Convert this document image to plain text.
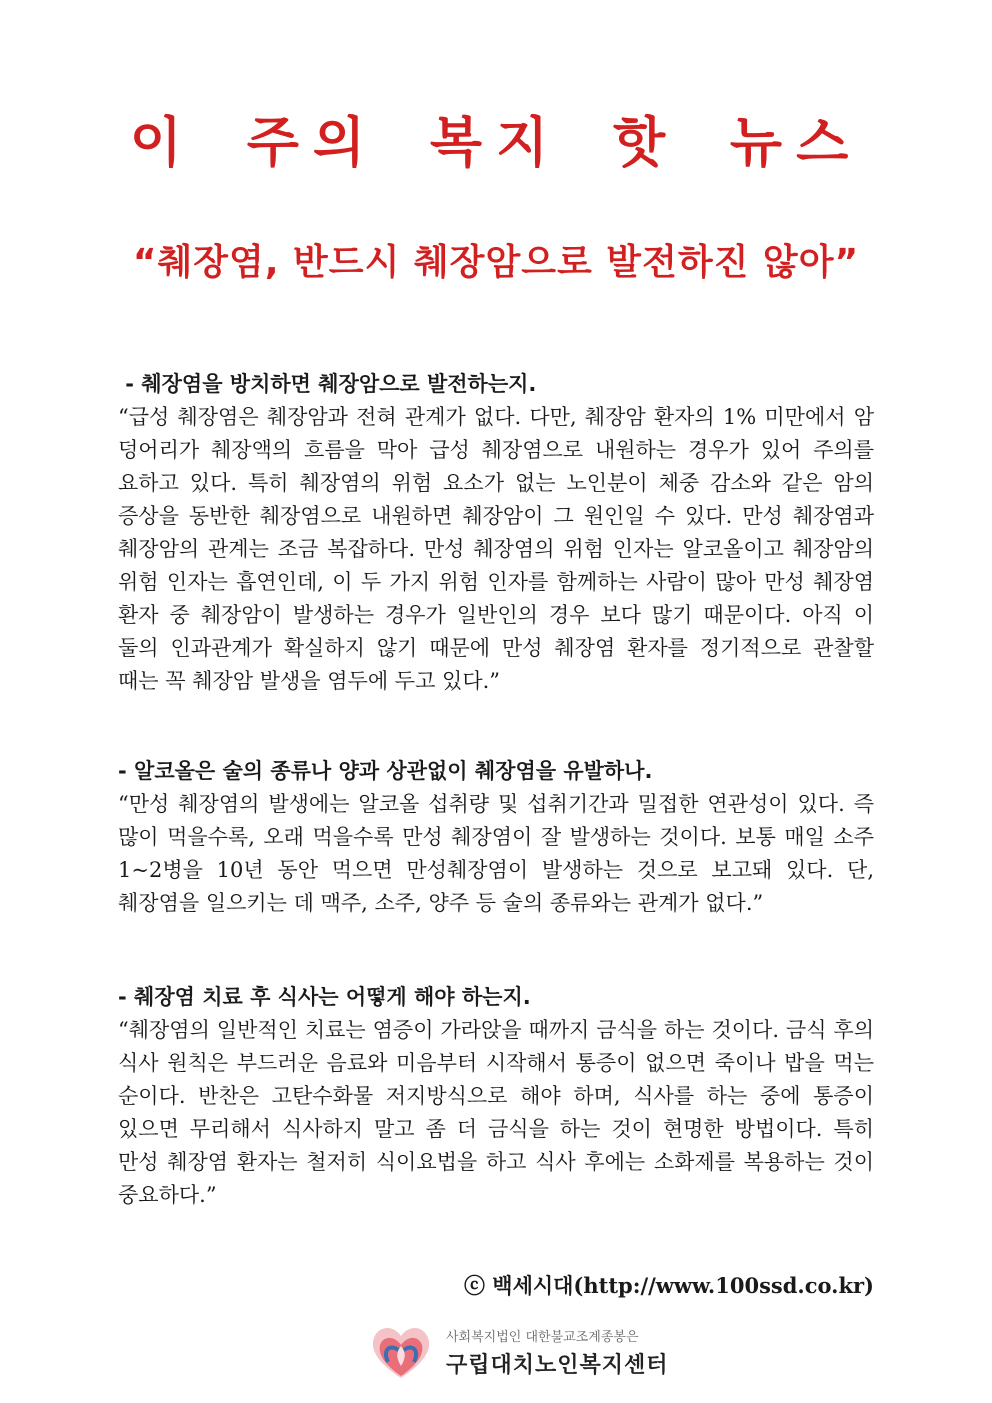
이 주의 복지 핫 뉴스
“췌장염, 반드시 췌장암으로 발전하진 않아”

- 췌장염을 방치하면 췌장암으로 발전하는지.

“급성 췌장염은 췌장암과 전혀 관계가 없다. 다만, 췌장암 환자의 1% 미만에서 암 덩어리가 췌장액의 흐름을 막아 급성 췌장염으로 내원하는 경우가 있어 주의를 요하고 있다. 특히 췌장염의 위험 요소가 없는 노인분이 체중 감소와 같은 암의 증상을 동반한 췌장염으로 내원하면 췌장암이 그 원인일 수 있다. 만성 췌장염과 췌장암의 관계는 조금 복잡하다. 만성 췌장염의 위험 인자는 알코올이고 췌장암의 위험 인자는 흡연인데, 이 두 가지 위험 인자를 함께하는 사람이 많아 만성 췌장염 환자 중 췌장암이 발생하는 경우가 일반인의 경우 보다 많기 때문이다. 아직 이 둘의 인과관계가 확실하지 않기 때문에 만성 췌장염 환자를 정기적으로 관찰할 때는 꼭 췌장암 발생을 염두에 두고 있다.”

- 알코올은 술의 종류나 양과 상관없이 췌장염을 유발하나.

“만성 췌장염의 발생에는 알코올 섭취량 및 섭취기간과 밀접한 연관성이 있다. 즉 많이 먹을수록, 오래 먹을수록 만성 췌장염이 잘 발생하는 것이다. 보통 매일 소주 1~2병을 10년 동안 먹으면 만성췌장염이 발생하는 것으로 보고돼 있다. 단, 췌장염을 일으키는 데 맥주, 소주, 양주 등 술의 종류와는 관계가 없다.”

- 췌장염 치료 후 식사는 어떻게 해야 하는지.

“췌장염의 일반적인 치료는 염증이 가라앉을 때까지 금식을 하는 것이다. 금식 후의 식사 원칙은 부드러운 음료와 미음부터 시작해서 통증이 없으면 죽이나 밥을 먹는 순이다. 반찬은 고탄수화물 저지방식으로 해야 하며, 식사를 하는 중에 통증이 있으면 무리해서 식사하지 말고 좀 더 금식을 하는 것이 현명한 방법이다. 특히 만성 췌장염 환자는 철저히 식이요법을 하고 식사 후에는 소화제를 복용하는 것이 중요하다.”

ⓒ 백세시대(http://www.100ssd.co.kr)
사회복지법인 대한불교조계종봉은
구립대치노인복지센터
